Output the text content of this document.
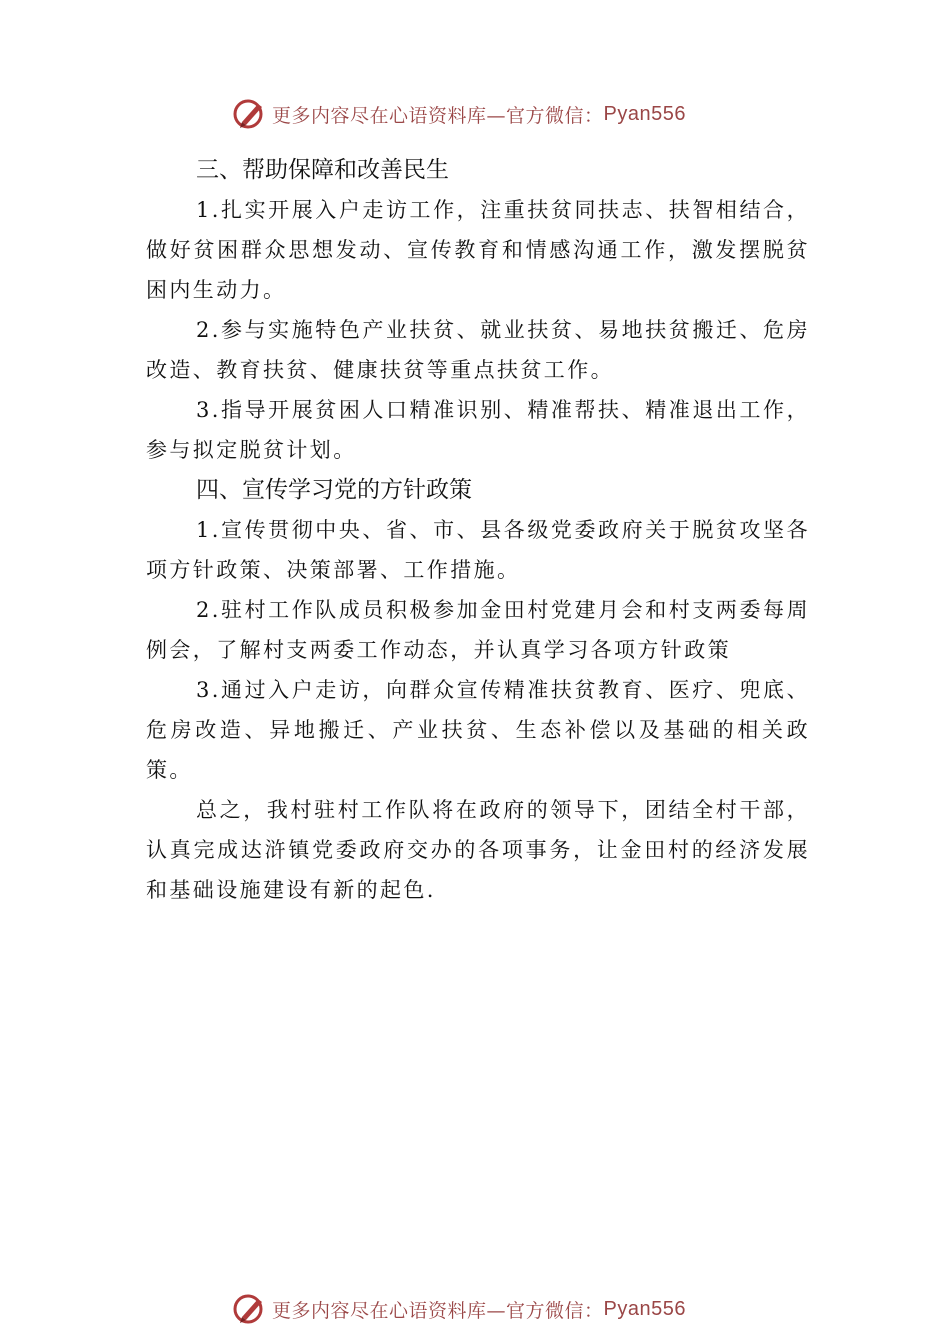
更多内容尽在心语资料库—官方微信： Pyan556
三、帮助保障和改善民生

1.扎实开展入户走访工作，注重扶贫同扶志、扶智相结合，做好贫困群众思想发动、宣传教育和情感沟通工作，激发摆脱贫困内生动力。

2.参与实施特色产业扶贫、就业扶贫、易地扶贫搬迁、危房改造、教育扶贫、健康扶贫等重点扶贫工作。

3.指导开展贫困人口精准识别、精准帮扶、精准退出工作，参与拟定脱贫计划。

四、宣传学习党的方针政策

1.宣传贯彻中央、省、市、县各级党委政府关于脱贫攻坚各项方针政策、决策部署、工作措施。

2.驻村工作队成员积极参加金田村党建月会和村支两委每周例会，了解村支两委工作动态，并认真学习各项方针政策

3.通过入户走访，向群众宣传精准扶贫教育、医疗、兜底、危房改造、异地搬迁、产业扶贫、生态补偿以及基础的相关政策。

总之，我村驻村工作队将在政府的领导下，团结全村干部，认真完成达浒镇党委政府交办的各项事务，让金田村的经济发展和基础设施建设有新的起色.

更多内容尽在心语资料库—官方微信： Pyan556
